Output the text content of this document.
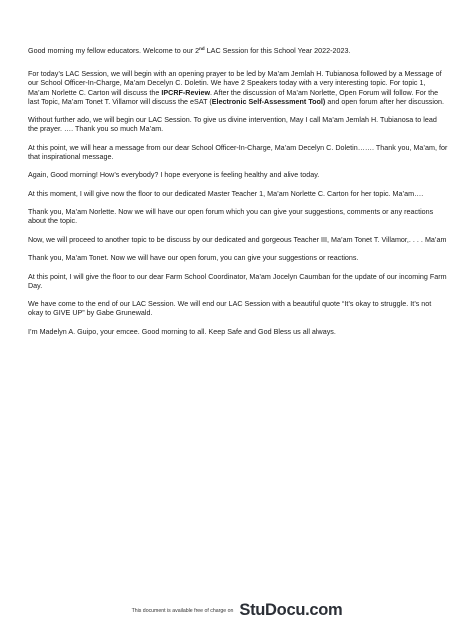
Good morning my fellow educators. Welcome to our 2nd LAC Session for this School Year 2022-2023.

For today’s LAC Session, we will begin with an opening prayer to be led by Ma’am Jemlah H. Tubianosa followed by a Message of our School Officer-In-Charge, Ma’am Decelyn C. Doletin. We have 2 Speakers today with a very interesting topic. For topic 1, Ma’am Norlette C. Carton will discuss the IPCRF-Review. After the discussion of Ma’am Norlette, Open Forum will follow. For the last Topic, Ma’am Tonet T. Villamor will discuss the eSAT (Electronic Self-Assessment Tool) and open forum after her discussion.

Without further ado, we will begin our LAC Session. To give us divine intervention, May I call Ma’am Jemlah H. Tubianosa to lead the prayer. …. Thank you so much Ma’am.

At this point, we will hear a message from our dear School Officer-In-Charge, Ma’am Decelyn C. Doletin……. Thank you, Ma’am, for that inspirational message.

Again, Good morning! How’s everybody? I hope everyone is feeling healthy and alive today.

At this moment, I will give now the floor to our dedicated Master Teacher 1, Ma’am Norlette C. Carton for her topic. Ma’am….

Thank you, Ma’am Norlette. Now we will have our open forum which you can give your suggestions, comments or any reactions about the topic.

Now, we will proceed to another topic to be discuss by our dedicated and gorgeous Teacher III, Ma’am Tonet T. Villamor,. . . . Ma’am

Thank you, Ma’am Tonet. Now we will have our open forum, you can give your suggestions or reactions.

At this point, I will give the floor to our dear Farm School Coordinator, Ma’am Jocelyn Caumban for the update of our incoming Farm Day.

We have come to the end of our LAC Session. We will end our LAC Session with a beautiful quote “It’s okay to struggle. It’s not okay to GIVE UP” by Gabe Grunewald.

I’m Madelyn A. Guipo, your emcee. Good morning to all. Keep Safe and God Bless us all always.

This document is available free of charge on StuDocu.com
